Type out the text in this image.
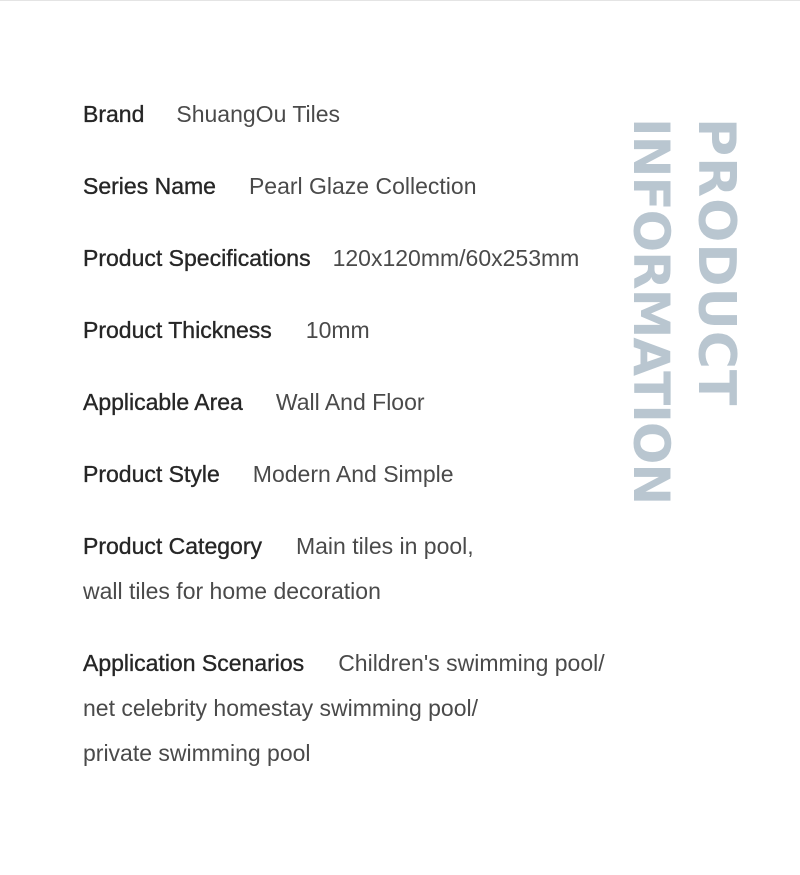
Brand ShuangOu Tiles
Series Name Pearl Glaze Collection
Product Specifications 120x120mm/60x253mm
Product Thickness 10mm
Applicable Area Wall And Floor
Product Style Modern And Simple
Product Category Main tiles in pool,
wall tiles for home decoration
Application Scenarios Children's swimming pool/
net celebrity homestay swimming pool/
private swimming pool
PRODUCT
INFORMATION
